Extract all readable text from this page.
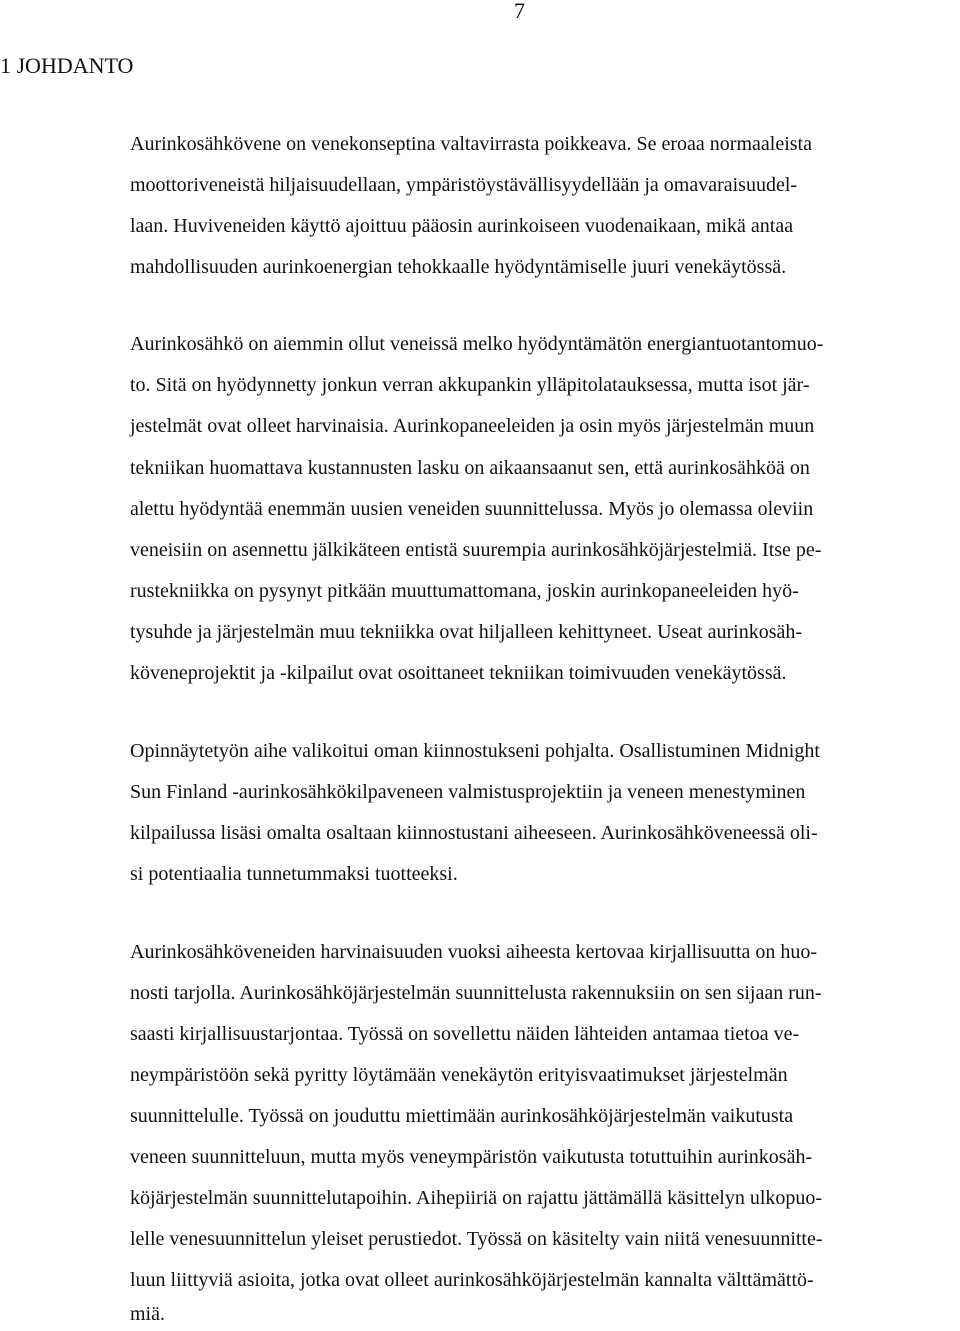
7
1 JOHDANTO
Aurinkosähkövene on venekonseptina valtavirrasta poikkeava. Se eroaa normaaleista
moottoriveneistä hiljaisuudellaan, ympäristöystävällisyydellään ja omavaraisuudel-
laan. Huviveneiden käyttö ajoittuu pääosin aurinkoiseen vuodenaikaan, mikä antaa
mahdollisuuden aurinkoenergian tehokkaalle hyödyntämiselle juuri venekäytössä.
Aurinkosähkö on aiemmin ollut veneissä melko hyödyntämätön energiantuotantomuo-
to. Sitä on hyödynnetty jonkun verran akkupankin ylläpitolatauksessa, mutta isot jär-
jestelmät ovat olleet harvinaisia. Aurinkopaneeleiden ja osin myös järjestelmän muun
tekniikan huomattava kustannusten lasku on aikaansaanut sen, että aurinkosähköä on
alettu hyödyntää enemmän uusien veneiden suunnittelussa. Myös jo olemassa oleviin
veneisiin on asennettu jälkikäteen entistä suurempia aurinkosähköjärjestelmiä. Itse pe-
rustekniikka on pysynyt pitkään muuttumattomana, joskin aurinkopaneeleiden hyö-
tysuhde ja järjestelmän muu tekniikka ovat hiljalleen kehittyneet. Useat aurinkosäh-
köveneprojektit ja -kilpailut ovat osoittaneet tekniikan toimivuuden venekäytössä.
Opinnäytetyön aihe valikoitui oman kiinnostukseni pohjalta. Osallistuminen Midnight
Sun Finland -aurinkosähkökilpaveneen valmistusprojektiin ja veneen menestyminen
kilpailussa lisäsi omalta osaltaan kiinnostustani aiheeseen. Aurinkosähköveneessä oli-
si potentiaalia tunnetummaksi tuotteeksi.
Aurinkosähköveneiden harvinaisuuden vuoksi aiheesta kertovaa kirjallisuutta on huo-
nosti tarjolla. Aurinkosähköjärjestelmän suunnittelusta rakennuksiin on sen sijaan run-
saasti kirjallisuustarjontaa. Työssä on sovellettu näiden lähteiden antamaa tietoa ve-
neympäristöön sekä pyritty löytämään venekäytön erityisvaatimukset järjestelmän
suunnittelulle. Työssä on jouduttu miettimään aurinkosähköjärjestelmän vaikutusta
veneen suunnitteluun, mutta myös veneympäristön vaikutusta totuttuihin aurinkosäh-
köjärjestelmän suunnittelutapoihin. Aihepiiriä on rajattu jättämällä käsittelyn ulkopuo-
lelle venesuunnittelun yleiset perustiedot. Työssä on käsitelty vain niitä venesuunnitte-
luun liittyviä asioita, jotka ovat olleet aurinkosähköjärjestelmän kannalta välttämättö-
miä.
